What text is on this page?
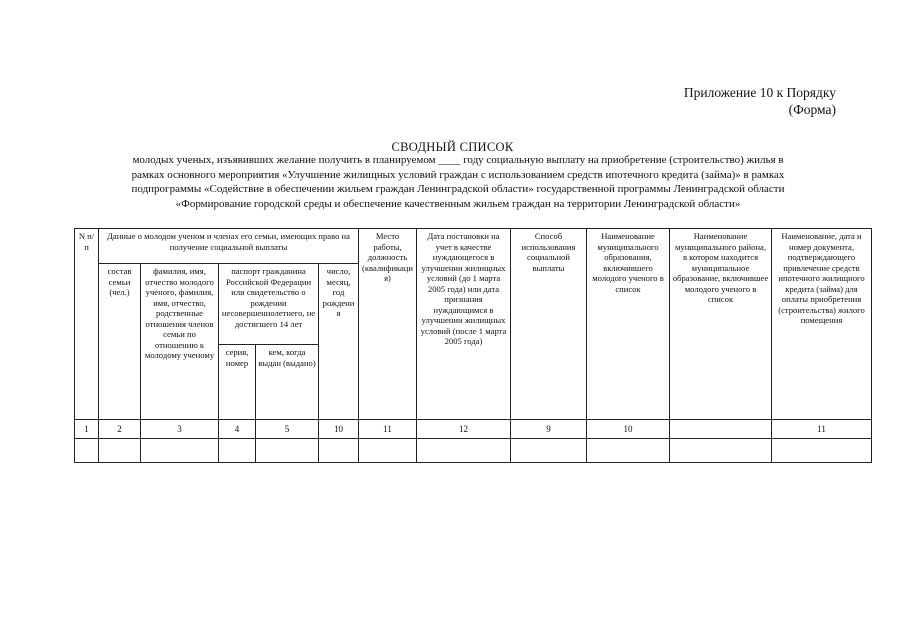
Приложение 10 к Порядку
(Форма)
СВОДНЫЙ СПИСОК
молодых ученых, изъявивших желание получить в планируемом ____ году социальную выплату на приобретение (строительство) жилья в
рамках основного мероприятия «Улучшение жилищных условий граждан с использованием средств ипотечного кредита (займа)» в рамках
подпрограммы «Содействие в обеспечении жильем граждан Ленинградской области» государственной программы Ленинградской области
«Формирование городской среды и обеспечение качественным жильем граждан на территории Ленинградской области»
N п/п	Данные о молодом ученом и членах его семьи, имеющих право на получение социальной выплаты					Место работы, должность (квалификация)	Дата постановки на учет в качестве нуждающегося в улучшении жилищных условий (до 1 марта 2005 года) или дата признания нуждающимся в улучшении жилищных условий (после 1 марта 2005 года)	Способ использования социальной выплаты	Наименование муниципального образования, включившего молодого ученого в список	Наименование муниципального района, в котором находится муниципальное образование, включившее молодого ученого в список	Наименование, дата и номер документа, подтверждающего привлечение средств ипотечного жилищного кредита (займа) для оплаты приобретения (строительства) жилого помещения
	состав семьи (чел.)	фамилия, имя, отчество молодого ученого, фамилия, имя, отчество, родственные отношения членов семьи по отношению к молодому ученому	паспорт гражданина Российской Федерации или свидетельство о рождении несовершеннолетнего, не достигшего 14 лет		число, месяц, год рождения						
			серия, номер	кем, когда выдан (выдано)							
1	2	3	4	5	10	11	12	9	10		11
